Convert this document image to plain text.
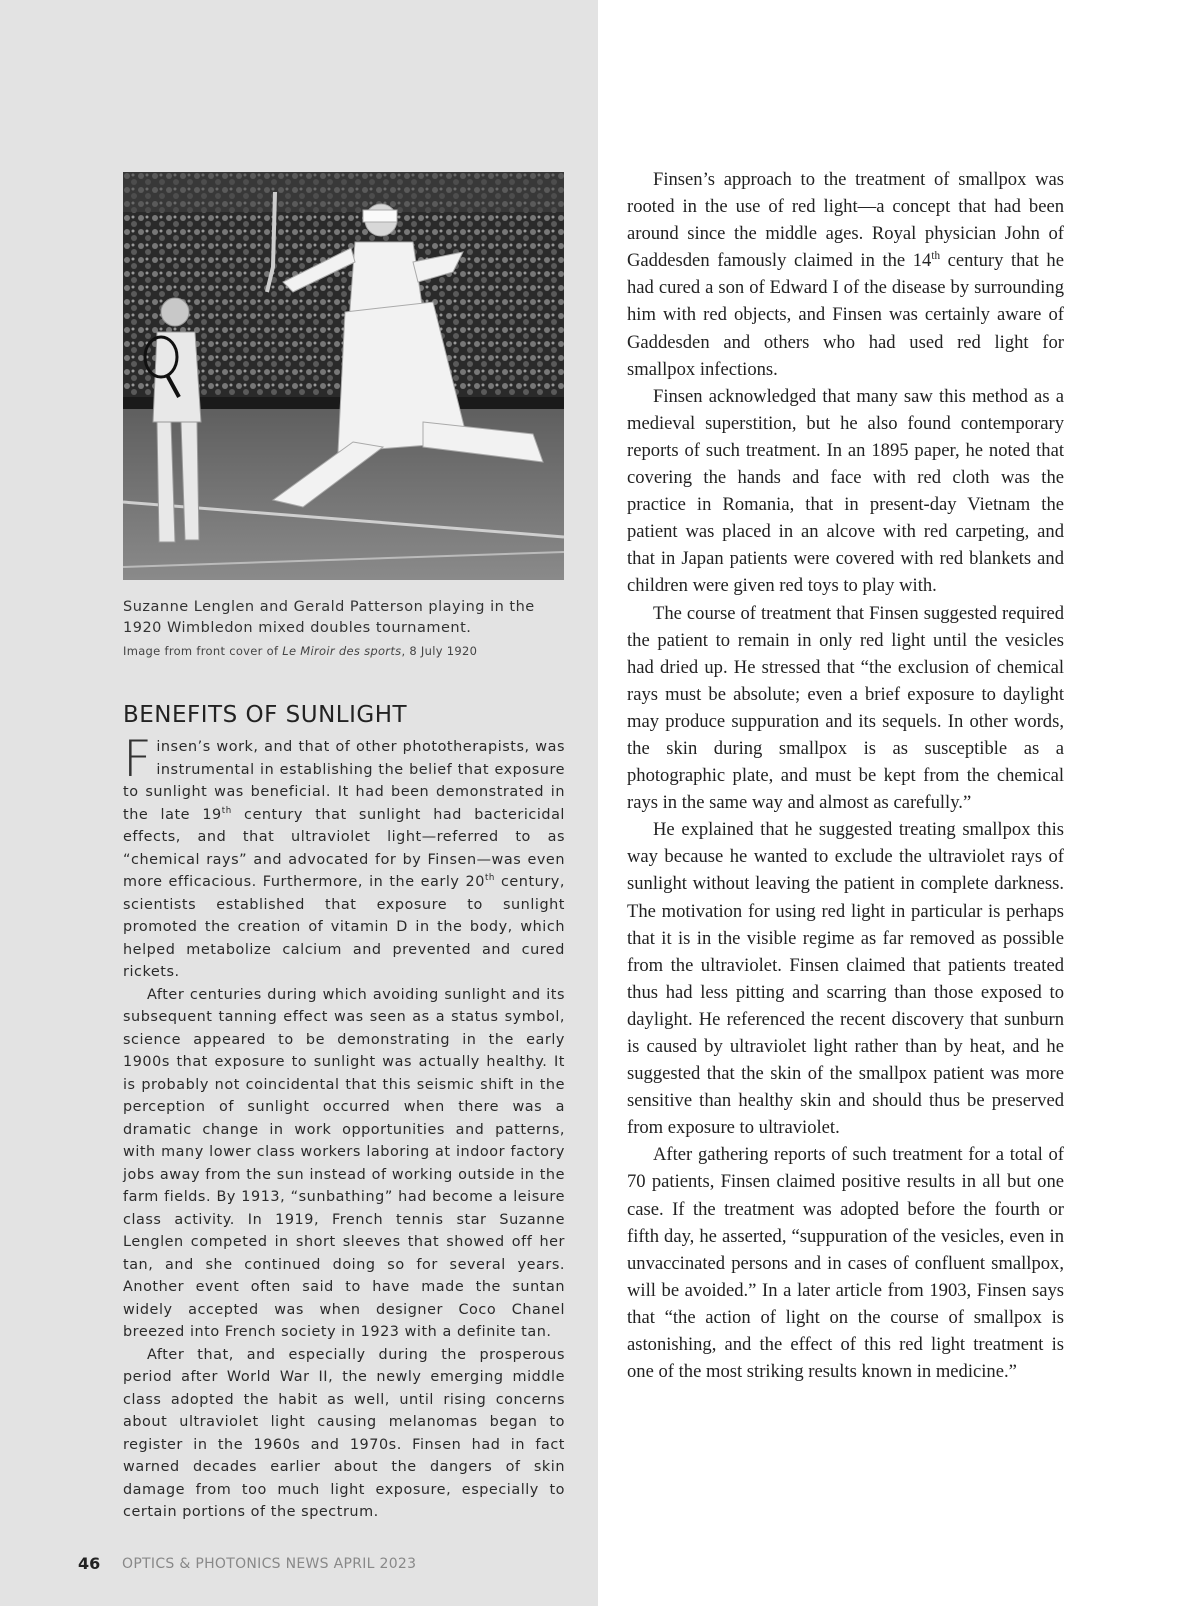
Suzanne Lenglen and Gerald Patterson playing in the 1920 Wimbledon mixed doubles tournament.
Image from front cover of Le Miroir des sports, 8 July 1920
BENEFITS OF SUNLIGHT

Finsen’s work, and that of other phototherapists, was instrumental in establishing the belief that exposure to sunlight was beneficial. It had been demonstrated in the late 19th century that sunlight had bactericidal effects, and that ultraviolet light—referred to as “chemical rays” and advocated for by Finsen—was even more efficacious. Furthermore, in the early 20th century, scientists established that exposure to sunlight promoted the creation of vitamin D in the body, which helped metabolize calcium and prevented and cured rickets.

After centuries during which avoiding sunlight and its subsequent tanning effect was seen as a status symbol, science appeared to be demonstrating in the early 1900s that exposure to sunlight was actually healthy. It is probably not coincidental that this seismic shift in the perception of sunlight occurred when there was a dramatic change in work opportunities and patterns, with many lower class workers laboring at indoor factory jobs away from the sun instead of working outside in the farm fields. By 1913, “sunbathing” had become a leisure class activity. In 1919, French tennis star Suzanne Lenglen competed in short sleeves that showed off her tan, and she continued doing so for several years. Another event often said to have made the suntan widely accepted was when designer Coco Chanel breezed into French society in 1923 with a definite tan.

After that, and especially during the prosperous period after World War II, the newly emerging middle class adopted the habit as well, until rising concerns about ultraviolet light causing melanomas began to register in the 1960s and 1970s. Finsen had in fact warned decades earlier about the dangers of skin damage from too much light exposure, especially to certain portions of the spectrum.

Finsen’s approach to the treatment of smallpox was rooted in the use of red light—a concept that had been around since the middle ages. Royal physician John of Gaddesden famously claimed in the 14th century that he had cured a son of Edward I of the disease by surrounding him with red objects, and Finsen was certainly aware of Gaddesden and others who had used red light for smallpox infections.

Finsen acknowledged that many saw this method as a medieval superstition, but he also found contemporary reports of such treatment. In an 1895 paper, he noted that covering the hands and face with red cloth was the practice in Romania, that in present-day Vietnam the patient was placed in an alcove with red carpeting, and that in Japan patients were covered with red blankets and children were given red toys to play with.

The course of treatment that Finsen suggested required the patient to remain in only red light until the vesicles had dried up. He stressed that “the exclusion of chemical rays must be absolute; even a brief exposure to daylight may produce suppuration and its sequels. In other words, the skin during smallpox is as susceptible as a photographic plate, and must be kept from the chemical rays in the same way and almost as carefully.”

He explained that he suggested treating smallpox this way because he wanted to exclude the ultraviolet rays of sunlight without leaving the patient in complete darkness. The motivation for using red light in particular is perhaps that it is in the visible regime as far removed as possible from the ultraviolet. Finsen claimed that patients treated thus had less pitting and scarring than those exposed to daylight. He referenced the recent discovery that sunburn is caused by ultraviolet light rather than by heat, and he suggested that the skin of the smallpox patient was more sensitive than healthy skin and should thus be preserved from exposure to ultraviolet.

After gathering reports of such treatment for a total of 70 patients, Finsen claimed positive results in all but one case. If the treatment was adopted before the fourth or fifth day, he asserted, “suppuration of the vesicles, even in unvaccinated persons and in cases of confluent smallpox, will be avoided.” In a later article from 1903, Finsen says that “the action of light on the course of smallpox is astonishing, and the effect of this red light treatment is one of the most striking results known in medicine.”

46 OPTICS & PHOTONICS NEWS APRIL 2023
